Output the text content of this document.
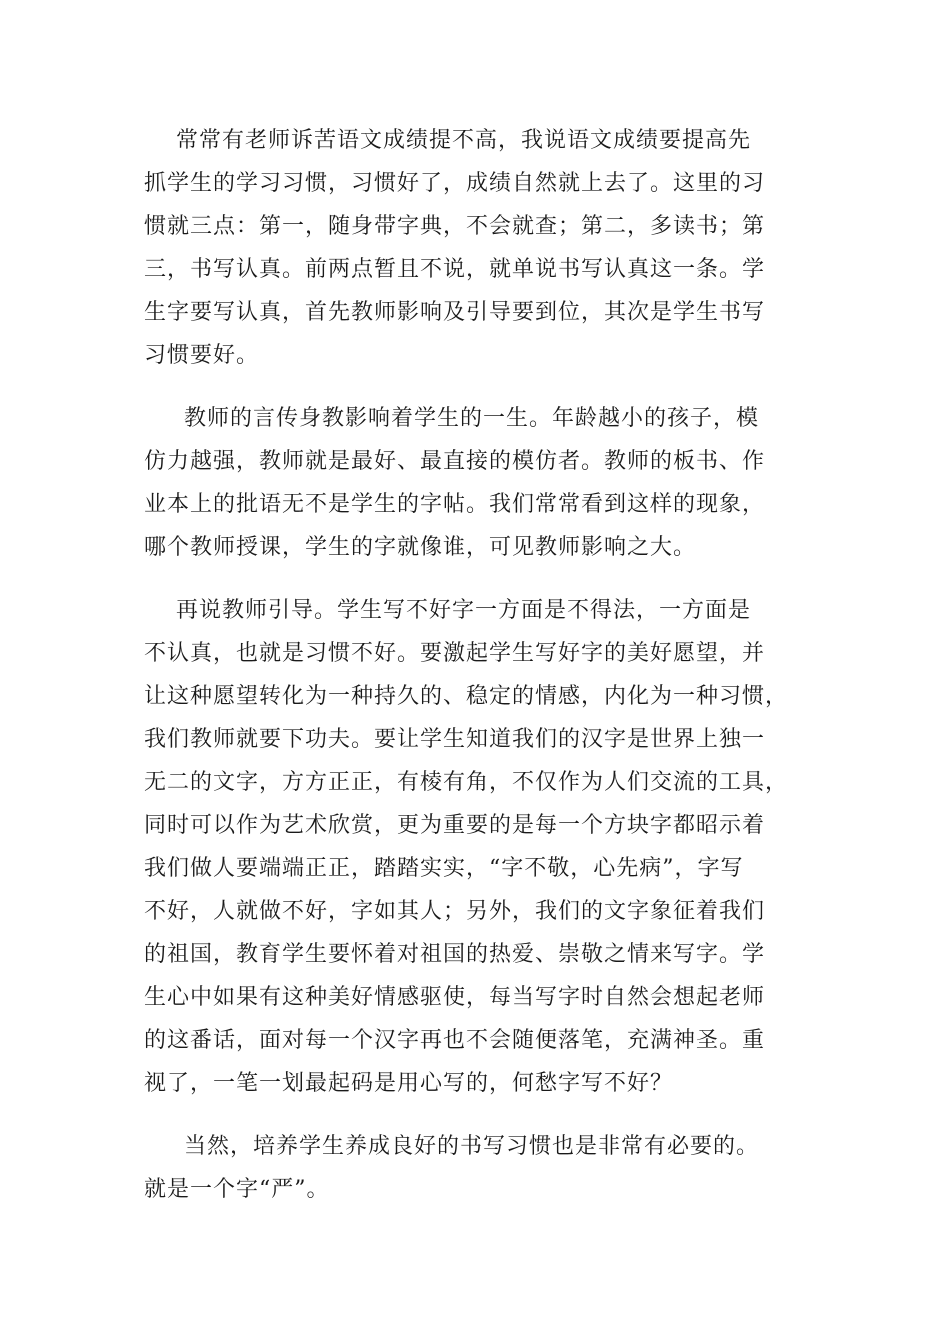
常常有老师诉苦语文成绩提不高，我说语文成绩要提高先
抓学生的学习习惯，习惯好了，成绩自然就上去了。这里的习
惯就三点：第一，随身带字典，不会就查；第二，多读书；第
三，书写认真。前两点暂且不说，就单说书写认真这一条。学
生字要写认真，首先教师影响及引导要到位，其次是学生书写
习惯要好。
教师的言传身教影响着学生的一生。年龄越小的孩子，模
仿力越强，教师就是最好、最直接的模仿者。教师的板书、作
业本上的批语无不是学生的字帖。我们常常看到这样的现象，
哪个教师授课，学生的字就像谁，可见教师影响之大。
再说教师引导。学生写不好字一方面是不得法，一方面是
不认真，也就是习惯不好。要激起学生写好字的美好愿望，并
让这种愿望转化为一种持久的、稳定的情感，内化为一种习惯，
我们教师就要下功夫。要让学生知道我们的汉字是世界上独一
无二的文字，方方正正，有棱有角，不仅作为人们交流的工具，
同时可以作为艺术欣赏，更为重要的是每一个方块字都昭示着
我们做人要端端正正，踏踏实实，“字不敬，心先病”，字写
不好，人就做不好，字如其人；另外，我们的文字象征着我们
的祖国，教育学生要怀着对祖国的热爱、崇敬之情来写字。学
生心中如果有这种美好情感驱使，每当写字时自然会想起老师
的这番话，面对每一个汉字再也不会随便落笔，充满神圣。重
视了，一笔一划最起码是用心写的，何愁字写不好？
当然，培养学生养成良好的书写习惯也是非常有必要的。
就是一个字“严”。
